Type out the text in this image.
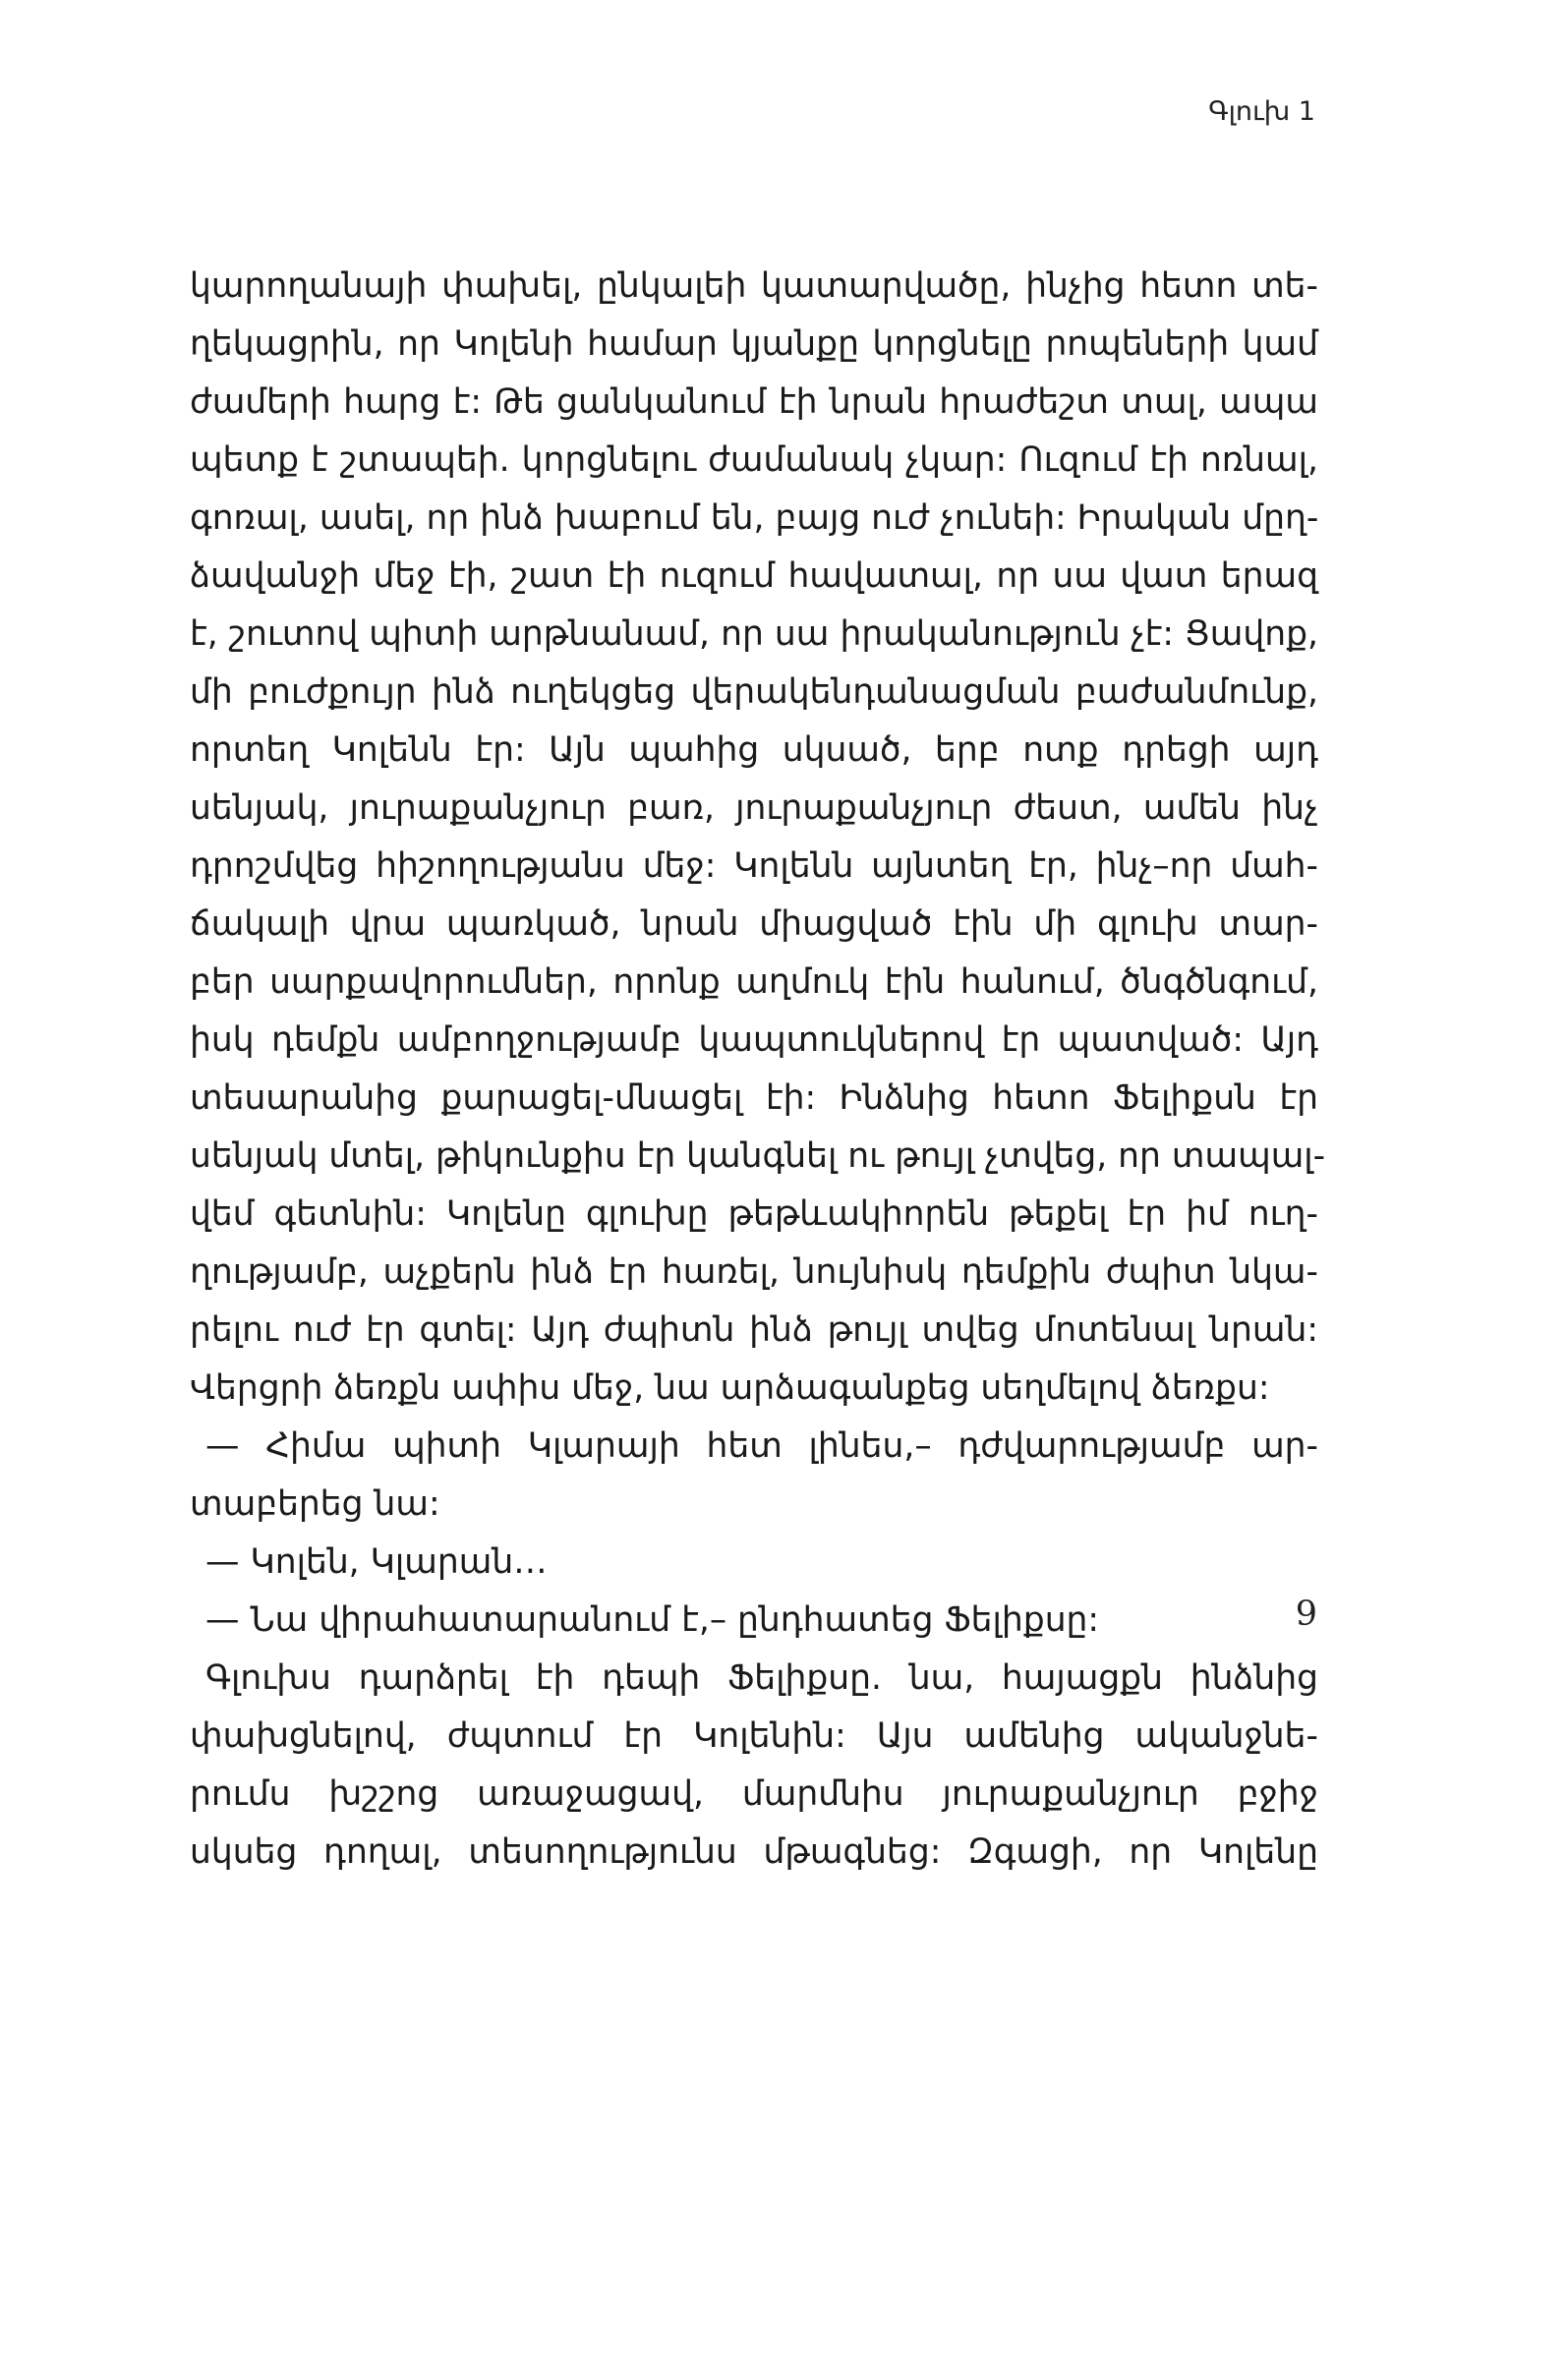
Գլուխ 1
կարողանայի փախել, ընկալեի կատարվածը, ինչից հետո տե-
ղեկացրին, որ Կոլենի համար կյանքը կորցնելը րոպեների կամ
ժամերի հարց է: Թե ցանկանում էի նրան հրաժեշտ տալ, ապա
պետք է շտապեի. կորցնելու ժամանակ չկար: Ուզում էի ոռնալ,
գոռալ, ասել, որ ինձ խաբում են, բայց ուժ չունեի: Իրական մըղ-
ձավանջի մեջ էի, շատ էի ուզում հավատալ, որ սա վատ երազ
է, շուտով պիտի արթնանամ, որ սա իրականություն չէ: Ցավոք,
մի բուժքույր ինձ ուղեկցեց վերակենդանացման բաժանմունք,
որտեղ Կոլենն էր: Այն պահից սկսած, երբ ոտք դրեցի այդ
սենյակ, յուրաքանչյուր բառ, յուրաքանչյուր ժեստ, ամեն ինչ
դրոշմվեց հիշողությանս մեջ: Կոլենն այնտեղ էր, ինչ–որ մահ-
ճակալի վրա պառկած, նրան միացված էին մի գլուխ տար-
բեր սարքավորումներ, որոնք աղմուկ էին հանում, ծնգծնգում,
իսկ դեմքն ամբողջությամբ կապտուկներով էր պատված: Այդ
տեսարանից քարացել-մնացել էի: Ինձնից հետո Ֆելիքսն էր
սենյակ մտել, թիկունքիս էր կանգնել ու թույլ չտվեց, որ տապալ-
վեմ գետնին: Կոլենը գլուխը թեթևակիորեն թեքել էր իմ ուղ-
ղությամբ, աչքերն ինձ էր հառել, նույնիսկ դեմքին ժպիտ նկա-
րելու ուժ էր գտել: Այդ ժպիտն ինձ թույլ տվեց մոտենալ նրան:
Վերցրի ձեռքն ափիս մեջ, նա արձագանքեց սեղմելով ձեռքս:
— Հիմա պիտի Կլարայի հետ լինես,– դժվարությամբ ար-
տաբերեց նա:
— Կոլեն, Կլարան…
— Նա վիրահատարանում է,– ընդհատեց Ֆելիքսը:
Գլուխս դարձրել էի դեպի Ֆելիքսը. նա, հայացքն ինձնից
փախցնելով, ժպտում էր Կոլենին: Այս ամենից ականջնե-
րումս խշշոց առաջացավ, մարմնիս յուրաքանչյուր բջիջ
սկսեց դողալ, տեսողությունս մթագնեց: Զգացի, որ Կոլենը
9
